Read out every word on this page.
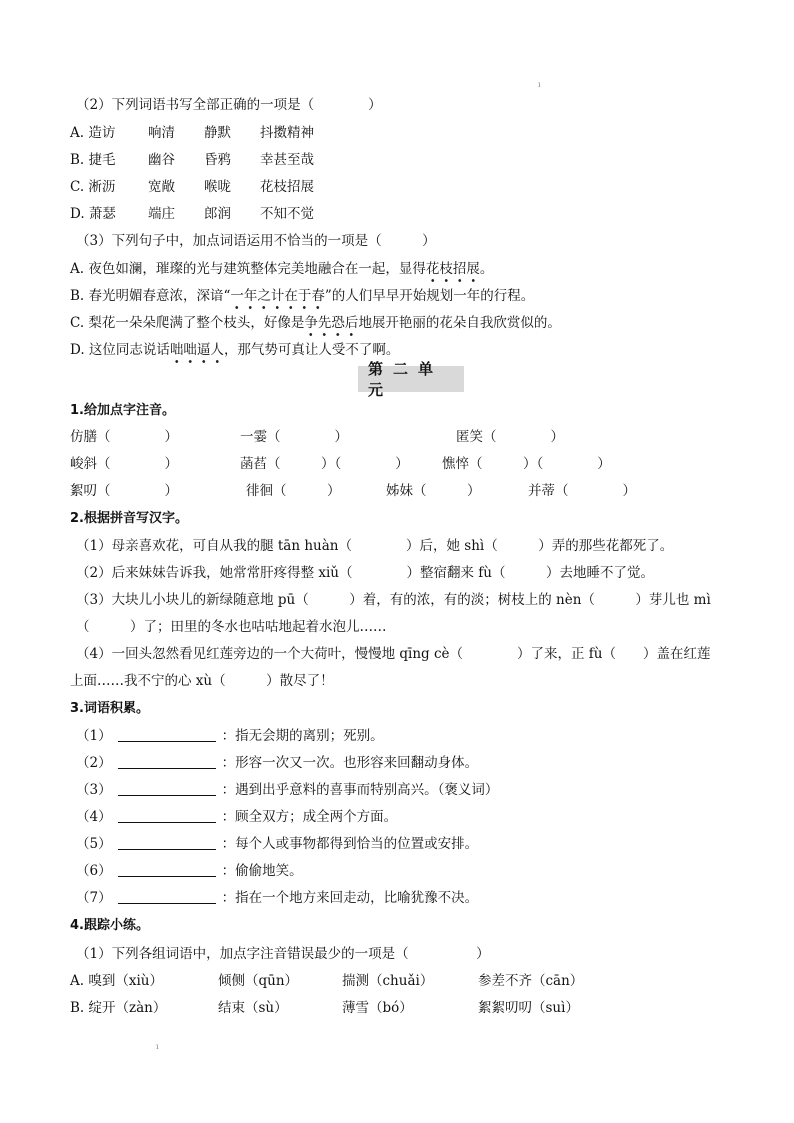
ı
（2）下列词语书写全部正确的一项是（　　　　）
A. 造访 响清 静默 抖擞精神
B. 捷毛 幽谷 昏鸦 幸甚至哉
C. 淅沥 宽敞 喉咙 花枝招展
D. 萧瑟 端庄 郎润 不知不觉
（3）下列句子中，加点词语运用不恰当的一项是（　　　）
A. 夜色如澜，璀璨的光与建筑整体完美地融合在一起，显得花枝招展。
B. 春光明媚春意浓，深谙“一年之计在于春”的人们早早开始规划一年的行程。
C. 梨花一朵朵爬满了整个枝头，好像是争先恐后地展开艳丽的花朵自我欣赏似的。
D. 这位同志说话咄咄逼人，那气势可真让人受不了啊。
第二单元
1.给加点字注音。
仿膳（　　　　）	一霎（　　　　）	匿笑（　　　　）
峻斜（　　　　）	菡萏（　　　）（　　　　） 憔悴（　　　）（　　　　）
絮叨（　　　　）	徘徊（　　　）	姊妹（　　　）	并蒂（　　　　）
2.根据拼音写汉字。
（1）母亲喜欢花，可自从我的腿 tān huàn（　　　　）后，她 shì（　　　）弄的那些花都死了。
（2）后来妹妹告诉我，她常常肝疼得整 xiǔ（　　　　）整宿翻来 fù（　　　）去地睡不了觉。
（3）大块儿小块儿的新绿随意地 pū（　　　）着，有的浓，有的淡；树枝上的 nèn（　　　）芽儿也 mì
（　　　）了；田里的冬水也咕咕地起着水泡儿……
（4）一回头忽然看见红莲旁边的一个大荷叶，慢慢地 qīng cè（　　　　）了来，正 fù（　　）盖在红莲
上面……我不宁的心 xù（　　　）散尽了！
3.词语积累。
（1）	：指无会期的离别；死别。
（2）	：形容一次又一次。也形容来回翻动身体。
（3）	：遇到出乎意料的喜事而特别高兴。（褒义词）
（4）	：顾全双方；成全两个方面。
（5）	：每个人或事物都得到恰当的位置或安排。
（6）	：偷偷地笑。
（7）	：指在一个地方来回走动，比喻犹豫不决。
4.跟踪小练。
（1）下列各组词语中，加点字注音错误最少的一项是（　　　　　）
A. 嗅到（xiù）	倾侧（qūn）	揣测（chuǎi）	参差不齐（cān）
B. 绽开（zàn）	结束（sù）	薄雪（bó）	絮絮叨叨（suì）
ı
